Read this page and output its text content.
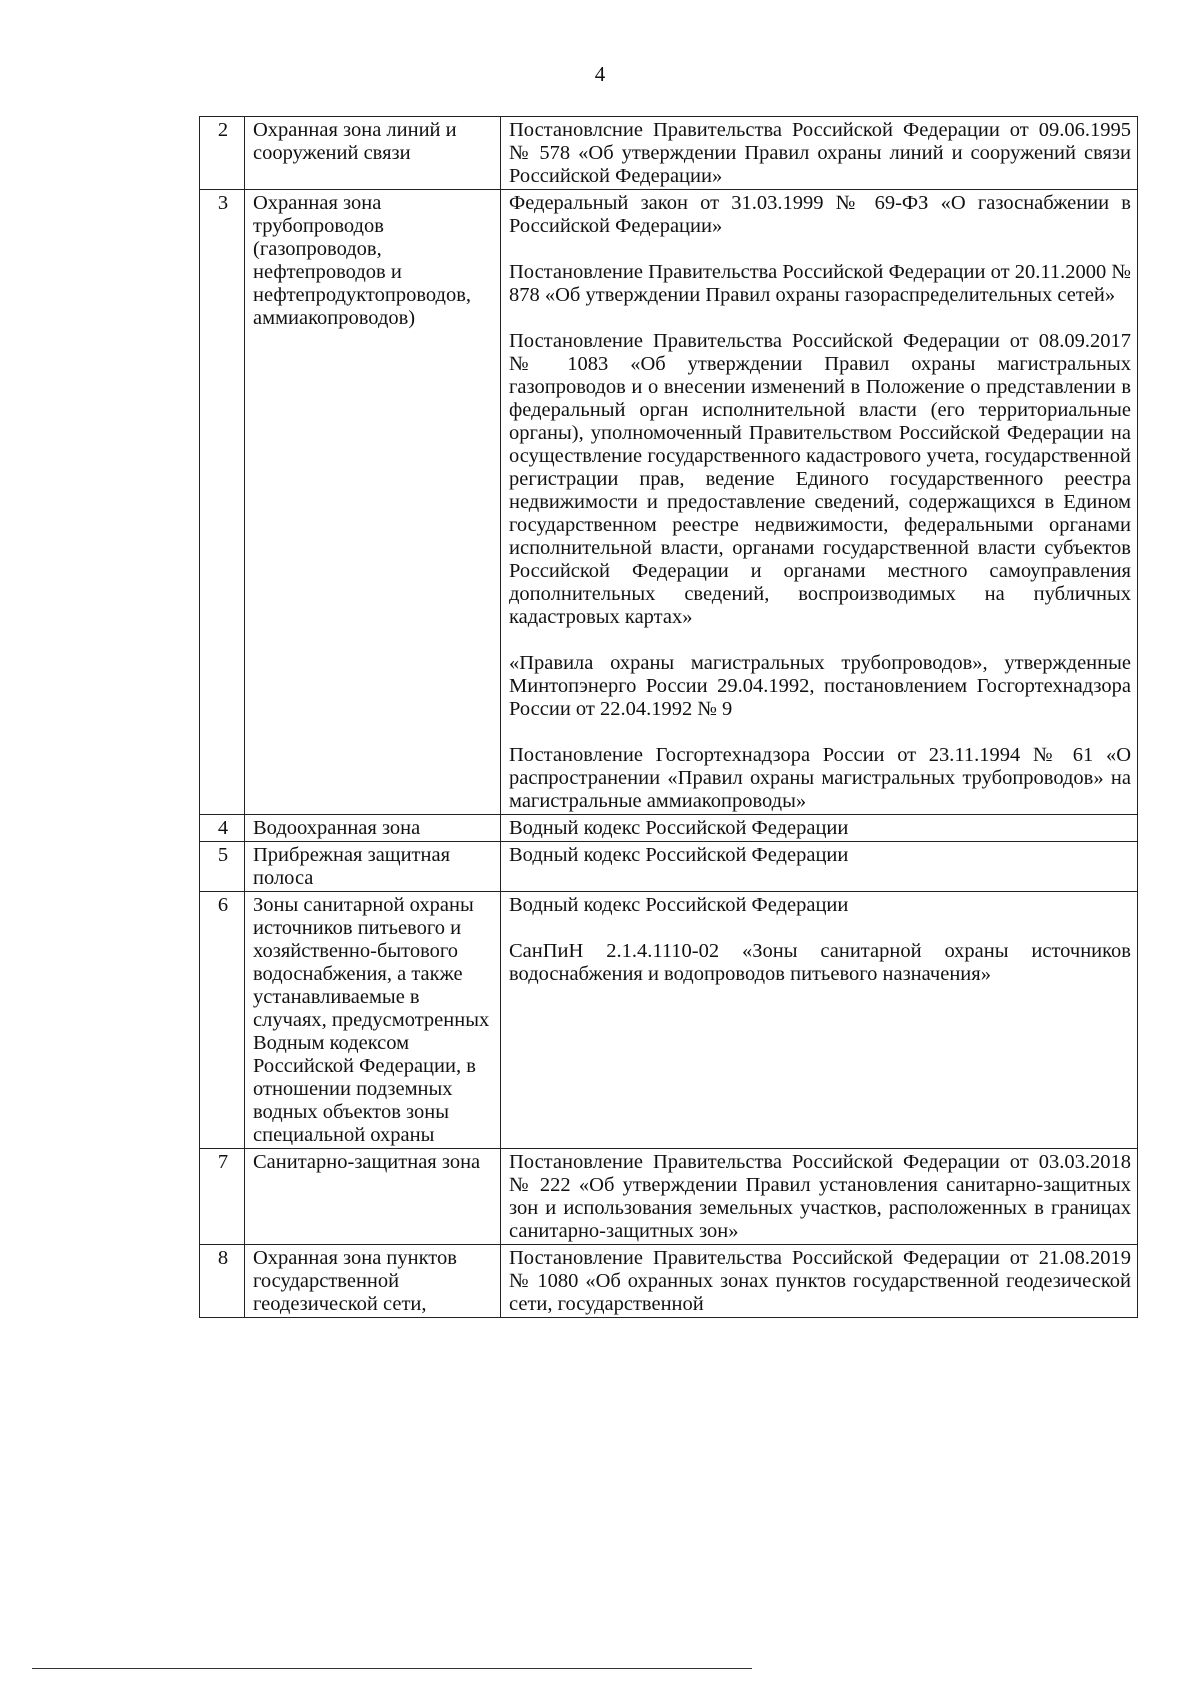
4
2	Охранная зона линий и сооружений связи	Постановлсние Правительства Российской Федерации от 09.06.1995 № 578 «Об утверждении Правил охраны линий и сооружений связи Российской Федерации»

3	Охранная зона трубопроводов (газопроводов, нефтепроводов и нефтепродуктопроводов, аммиакопроводов)	Федеральный закон от 31.03.1999 № 69-ФЗ «О газоснабжении в Российской Федерации»

Постановление Правительства Российской Федерации от 20.11.2000 № 878 «Об утверждении Правил охраны газораспределительных сетей»

Постановление Правительства Российской Федерации от 08.09.2017 № 1083 «Об утверждении Правил охраны магистральных газопроводов и о внесении изменений в Положение о представлении в федеральный орган исполнительной власти (его территориальные органы), уполномоченный Правительством Российской Федерации на осуществление государственного кадастрового учета, государственной регистрации прав, ведение Единого государственного реестра недвижимости и предоставление сведений, содержащихся в Едином государственном реестре недвижимости, федеральными органами исполнительной власти, органами государственной власти субъектов Российской Федерации и органами местного самоуправления дополнительных сведений, воспроизводимых на публичных кадастровых картах»

«Правила охраны магистральных трубопроводов», утвержденные Минтопэнерго России 29.04.1992, постановлением Госгортехнадзора России от 22.04.1992 № 9

Постановление Госгортехнадзора России от 23.11.1994 № 61 «О распространении «Правил охраны магистральных трубопроводов» на магистральные аммиакопроводы»

4	Водоохранная зона	Водный кодекс Российской Федерации

5	Прибрежная защитная полоса	Водный кодекс Российской Федерации

6	Зоны санитарной охраны источников питьевого и хозяйственно-бытового водоснабжения, а также устанавливаемые в случаях, предусмотренных Водным кодексом Российской Федерации, в отношении подземных водных объектов зоны специальной охраны	Водный кодекс Российской Федерации

СанПиН 2.1.4.1110-02 «Зоны санитарной охраны источников водоснабжения и водопроводов питьевого назначения»

7	Санитарно-защитная зона	Постановление Правительства Российской Федерации от 03.03.2018 № 222 «Об утверждении Правил установления санитарно-защитных зон и использования земельных участков, расположенных в границах санитарно-защитных зон»

8	Охранная зона пунктов государственной геодезической сети,	Постановление Правительства Российской Федерации от 21.08.2019 № 1080 «Об охранных зонах пунктов государственной геодезической сети, государственной
